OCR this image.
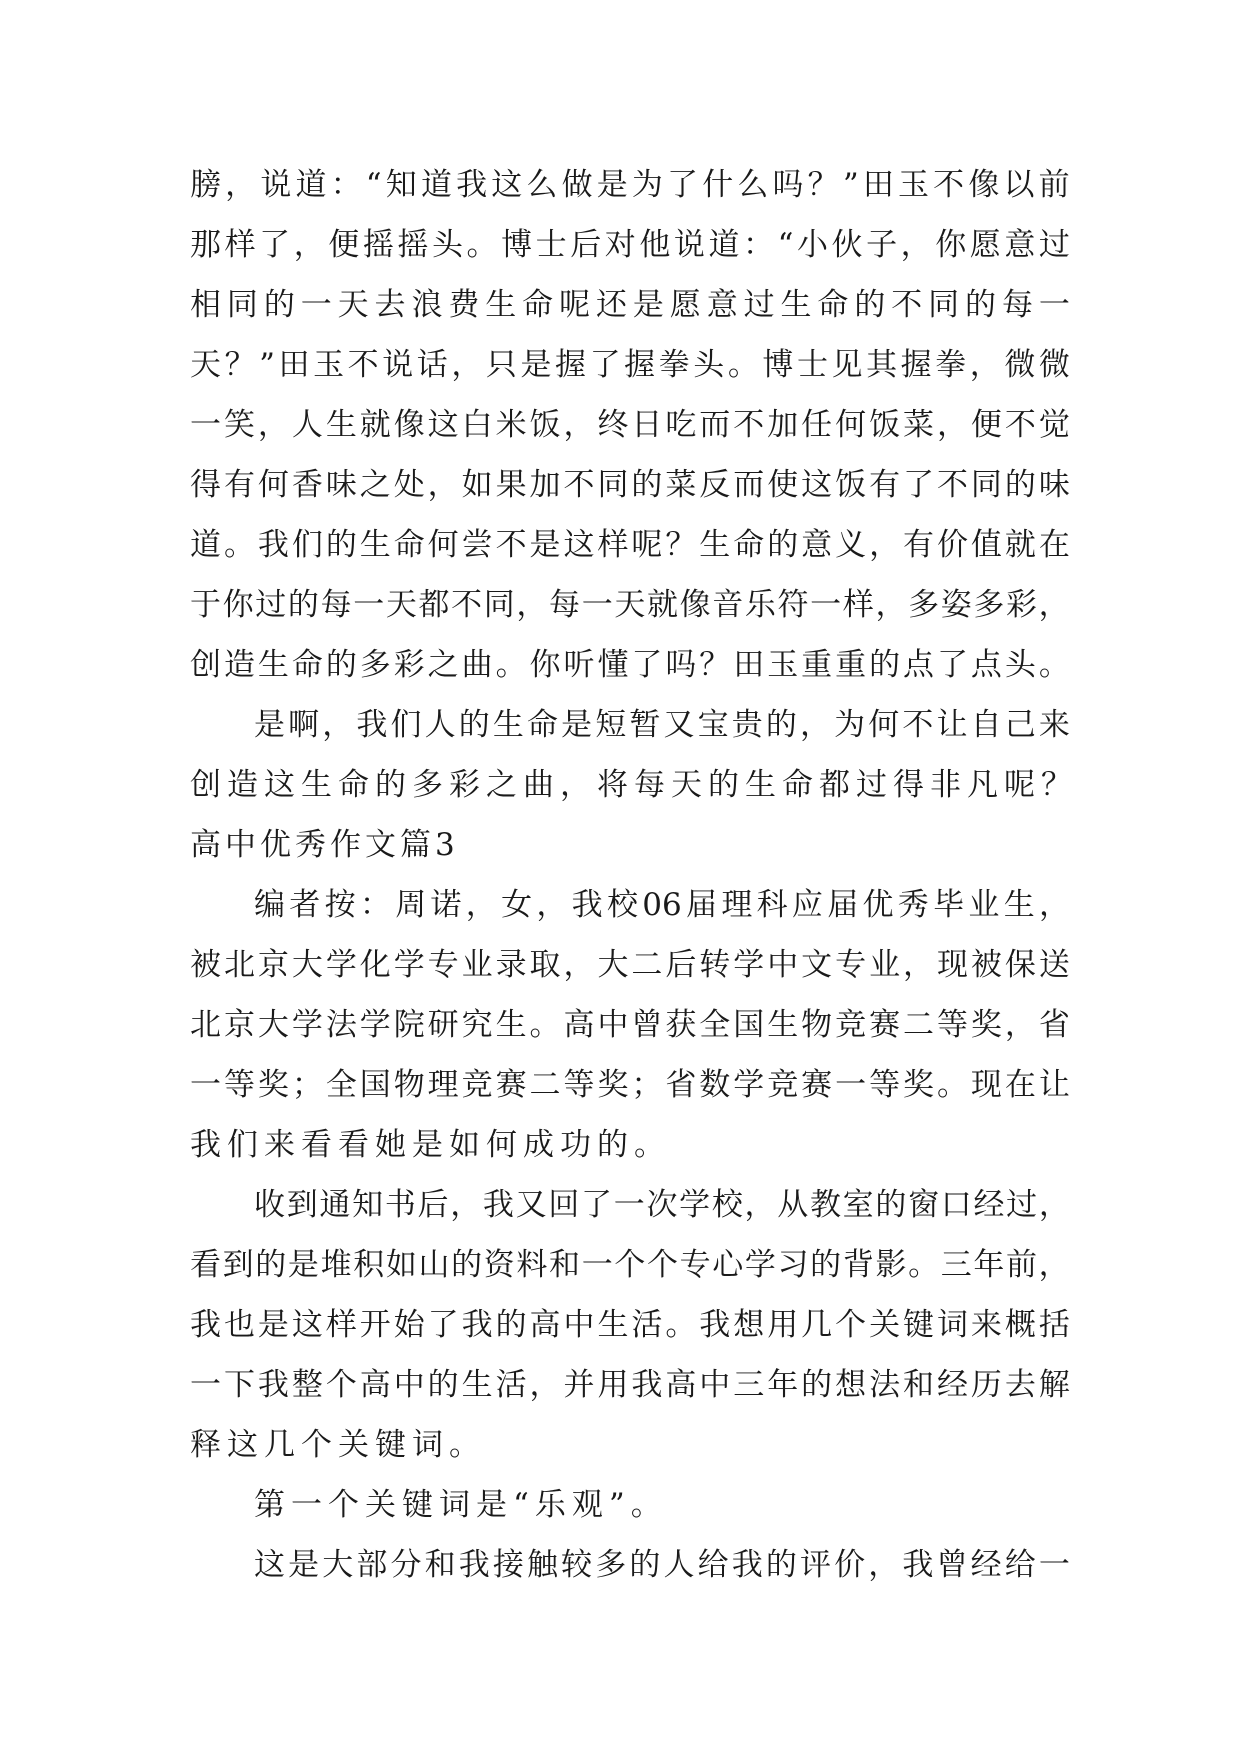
膀 ， 说 道 ： “ 知 道 我 这 么 做 是 为 了 什 么 吗 ？ ” 田 玉 不 像 以 前
那 样 了 ， 便 摇 摇 头 。 博 士 后 对 他 说 道 ： “ 小 伙 子 ， 你 愿 意 过
相 同 的 一 天 去 浪 费 生 命 呢 还 是 愿 意 过 生 命 的 不 同 的 每 一
天 ？ ” 田 玉 不 说 话 ， 只 是 握 了 握 拳 头 。 博 士 见 其 握 拳 ， 微 微
一 笑 ， 人 生 就 像 这 白 米 饭 ， 终 日 吃 而 不 加 任 何 饭 菜 ， 便 不 觉
得 有 何 香 味 之 处 ， 如 果 加 不 同 的 菜 反 而 使 这 饭 有 了 不 同 的 味
道 。 我 们 的 生 命 何 尝 不 是 这 样 呢 ？ 生 命 的 意 义 ， 有 价 值 就 在
于 你 过 的 每 一 天 都 不 同 ， 每 一 天 就 像 音 乐 符 一 样 ， 多 姿 多 彩 ，
创 造 生 命 的 多 彩 之 曲 。 你 听 懂 了 吗 ？ 田 玉 重 重 的 点 了 点 头 。
是 啊 ， 我 们 人 的 生 命 是 短 暂 又 宝 贵 的 ， 为 何 不 让 自 己 来
创 造 这 生 命 的 多 彩 之 曲 ， 将 每 天 的 生 命 都 过 得 非 凡 呢 ？
高 中 优 秀 作 文 篇 3
编 者 按 ： 周 诺 ， 女 ， 我 校 06 届 理 科 应 届 优 秀 毕 业 生 ，
被 北 京 大 学 化 学 专 业 录 取 ， 大 二 后 转 学 中 文 专 业 ， 现 被 保 送
北 京 大 学 法 学 院 研 究 生 。 高 中 曾 获 全 国 生 物 竞 赛 二 等 奖 ， 省
一 等 奖 ； 全 国 物 理 竞 赛 二 等 奖 ； 省 数 学 竞 赛 一 等 奖 。 现 在 让
我 们 来 看 看 她 是 如 何 成 功 的 。
收 到 通 知 书 后 ， 我 又 回 了 一 次 学 校 ， 从 教 室 的 窗 口 经 过 ，
看 到 的 是 堆 积 如 山 的 资 料 和 一 个 个 专 心 学 习 的 背 影 。 三 年 前 ，
我 也 是 这 样 开 始 了 我 的 高 中 生 活 。 我 想 用 几 个 关 键 词 来 概 括
一 下 我 整 个 高 中 的 生 活 ， 并 用 我 高 中 三 年 的 想 法 和 经 历 去 解
释 这 几 个 关 键 词 。
第 一 个 关 键 词 是 “ 乐 观 ” 。
这 是 大 部 分 和 我 接 触 较 多 的 人 给 我 的 评 价 ， 我 曾 经 给 一
